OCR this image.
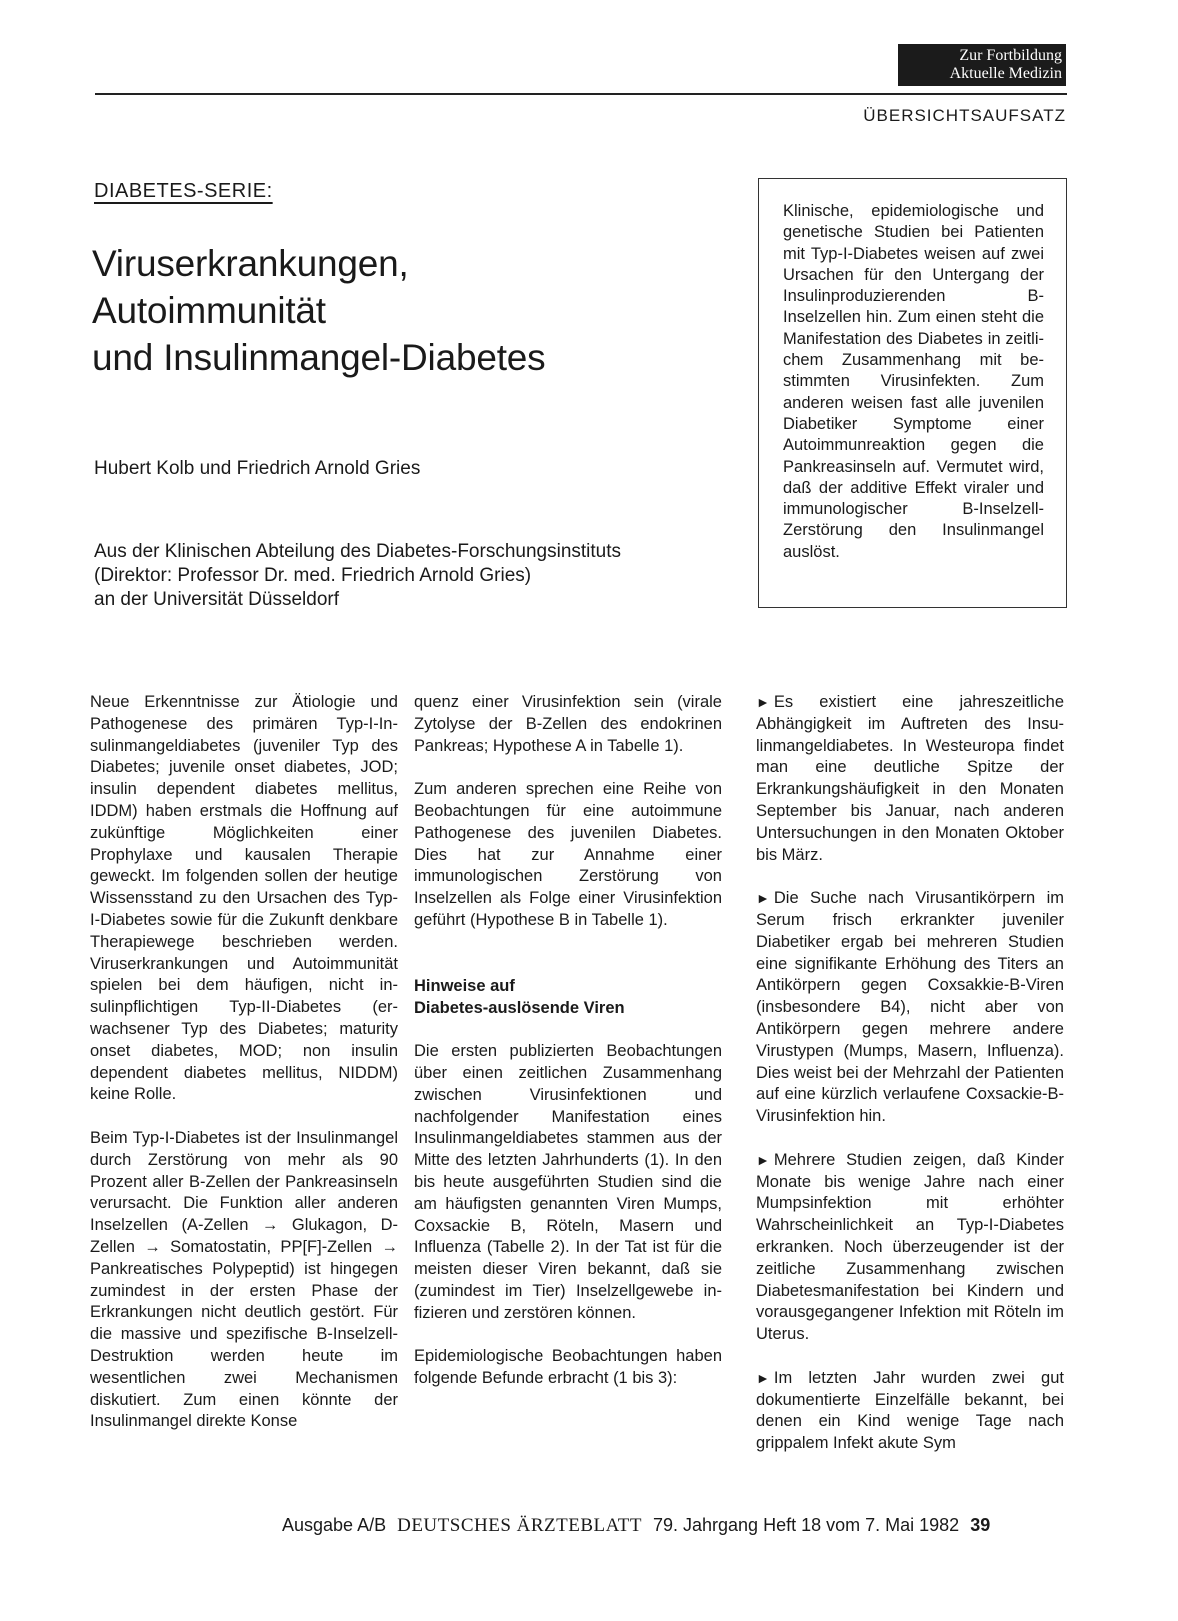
Zur Fortbildung
Aktuelle Medizin
ÜBERSICHTSAUFSATZ
DIABETES-SERIE:
Viruserkrankungen,
Autoimmunität
und Insulinmangel-Diabetes
Hubert Kolb und Friedrich Arnold Gries
Aus der Klinischen Abteilung des Diabetes-Forschungsinstituts
(Direktor: Professor Dr. med. Friedrich Arnold Gries)
an der Universität Düsseldorf
Klinische, epidemiologische und genetische Studien bei Patienten mit Typ-I-Diabetes weisen auf zwei Ursachen für den Untergang der Insulinproduzierenden B-Inselzellen hin. Zum einen steht die Manifestation des Diabetes in zeitlichem Zusammenhang mit bestimmten Virusinfekten. Zum anderen weisen fast alle juvenilen Diabetiker Symptome einer Autoimmunreaktion gegen die Pankreasinseln auf. Vermutet wird, daß der additive Effekt viraler und immunologischer B-Inselzell-Zerstörung den Insulinmangel auslöst.

Neue Erkenntnisse zur Ätiologie und Pathogenese des primären Typ-I-Insulinmangeldiabetes (juveniler Typ des Diabetes; juvenile onset diabetes, JOD; insulin dependent diabetes mellitus, IDDM) haben erstmals die Hoffnung auf zukünftige Möglichkeiten einer Prophylaxe und kausalen Therapie geweckt. Im folgenden sollen der heutige Wissensstand zu den Ursachen des Typ-I-Diabetes sowie für die Zukunft denkbare Therapiewege beschrieben werden. Viruserkrankungen und Autoimmunität spielen bei dem häufigen, nicht insulinpflichtigen Typ-II-Diabetes (erwachsener Typ des Diabetes; maturity onset diabetes, MOD; non insulin dependent diabetes mellitus, NIDDM) keine Rolle.

Beim Typ-I-Diabetes ist der Insulinmangel durch Zerstörung von mehr als 90 Prozent aller B-Zellen der Pankreasinseln verursacht. Die Funktion aller anderen Inselzellen (A-Zellen → Glukagon, D-Zellen → Somatostatin, PP[F]-Zellen → Pankreatisches Polypeptid) ist hingegen zumindest in der ersten Phase der Erkrankungen nicht deutlich gestört. Für die massive und spezifische B-Inselzell-Destruktion werden heute im wesentlichen zwei Mechanismen diskutiert. Zum einen könnte der Insulinmangel direkte Konse

quenz einer Virusinfektion sein (virale Zytolyse der B-Zellen des endokrinen Pankreas; Hypothese A in Tabelle 1).

Zum anderen sprechen eine Reihe von Beobachtungen für eine autoimmune Pathogenese des juvenilen Diabetes. Dies hat zur Annahme einer immunologischen Zerstörung von Inselzellen als Folge einer Virusinfektion geführt (Hypothese B in Tabelle 1).

Hinweise auf
Diabetes-auslösende Viren

Die ersten publizierten Beobachtungen über einen zeitlichen Zusammenhang zwischen Virusinfektionen und nachfolgender Manifestation eines Insulinmangeldiabetes stammen aus der Mitte des letzten Jahrhunderts (1). In den bis heute ausgeführten Studien sind die am häufigsten genannten Viren Mumps, Coxsackie B, Röteln, Masern und Influenza (Tabelle 2). In der Tat ist für die meisten dieser Viren bekannt, daß sie (zumindest im Tier) Inselzellgewebe infizieren und zerstören können.

Epidemiologische Beobachtungen haben folgende Befunde erbracht (1 bis 3):

► Es existiert eine jahreszeitliche Abhängigkeit im Auftreten des Insulinmangeldiabetes. In Westeuropa findet man eine deutliche Spitze der Erkrankungshäufigkeit in den Monaten September bis Januar, nach anderen Untersuchungen in den Monaten Oktober bis März.

► Die Suche nach Virusantikörpern im Serum frisch erkrankter juveniler Diabetiker ergab bei mehreren Studien eine signifikante Erhöhung des Titers an Antikörpern gegen Coxsakkie-B-Viren (insbesondere B4), nicht aber von Antikörpern gegen mehrere andere Virustypen (Mumps, Masern, Influenza). Dies weist bei der Mehrzahl der Patienten auf eine kürzlich verlaufene Coxsackie-B-Virusinfektion hin.

► Mehrere Studien zeigen, daß Kinder Monate bis wenige Jahre nach einer Mumpsinfektion mit erhöhter Wahrscheinlichkeit an Typ-I-Diabetes erkranken. Noch überzeugender ist der zeitliche Zusammenhang zwischen Diabetesmanifestation bei Kindern und vorausgegangener Infektion mit Röteln im Uterus.

► Im letzten Jahr wurden zwei gut dokumentierte Einzelfälle bekannt, bei denen ein Kind wenige Tage nach grippalem Infekt akute Sym

Ausgabe A/B DEUTSCHES ÄRZTEBLATT 79. Jahrgang Heft 18 vom 7. Mai 1982 39
